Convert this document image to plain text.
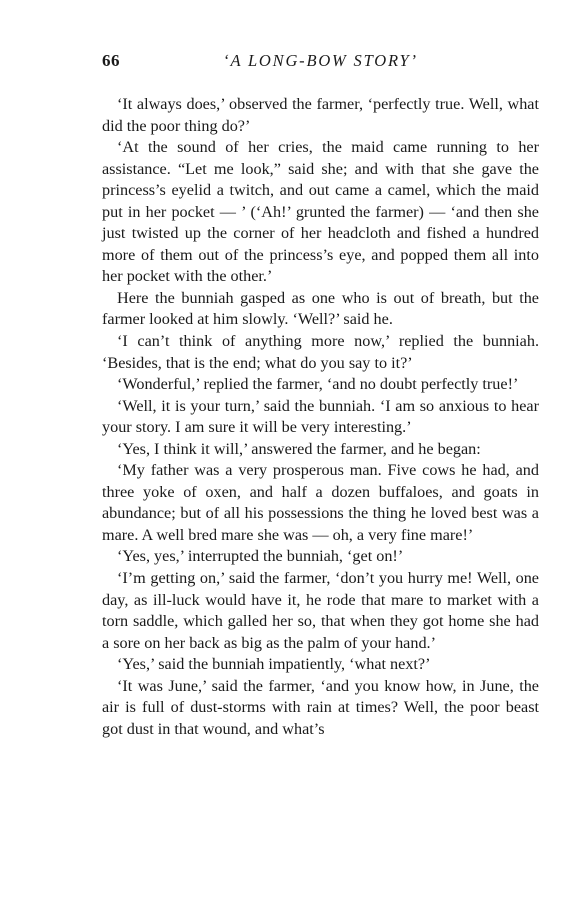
66	‘A LONG-BOW STORY’

‘It always does,’ observed the farmer, ‘perfectly true. Well, what did the poor thing do?’

‘At the sound of her cries, the maid came running to her assistance. “Let me look,” said she; and with that she gave the princess’s eyelid a twitch, and out came a camel, which the maid put in her pocket — ’ (‘Ah!’ grunted the farmer) — ‘and then she just twisted up the corner of her headcloth and fished a hundred more of them out of the princess’s eye, and popped them all into her pocket with the other.’

Here the bunniah gasped as one who is out of breath, but the farmer looked at him slowly. ‘Well?’ said he.

‘I can’t think of anything more now,’ replied the bunniah. ‘Besides, that is the end; what do you say to it?’

‘Wonderful,’ replied the farmer, ‘and no doubt perfectly true!’

‘Well, it is your turn,’ said the bunniah. ‘I am so anxious to hear your story. I am sure it will be very interesting.’

‘Yes, I think it will,’ answered the farmer, and he began:

‘My father was a very prosperous man. Five cows he had, and three yoke of oxen, and half a dozen buffaloes, and goats in abundance; but of all his possessions the thing he loved best was a mare. A well bred mare she was — oh, a very fine mare!’

‘Yes, yes,’ interrupted the bunniah, ‘get on!’

‘I’m getting on,’ said the farmer, ‘don’t you hurry me! Well, one day, as ill-luck would have it, he rode that mare to market with a torn saddle, which galled her so, that when they got home she had a sore on her back as big as the palm of your hand.’

‘Yes,’ said the bunniah impatiently, ‘what next?’

‘It was June,’ said the farmer, ‘and you know how, in June, the air is full of dust-storms with rain at times? Well, the poor beast got dust in that wound, and what’s
